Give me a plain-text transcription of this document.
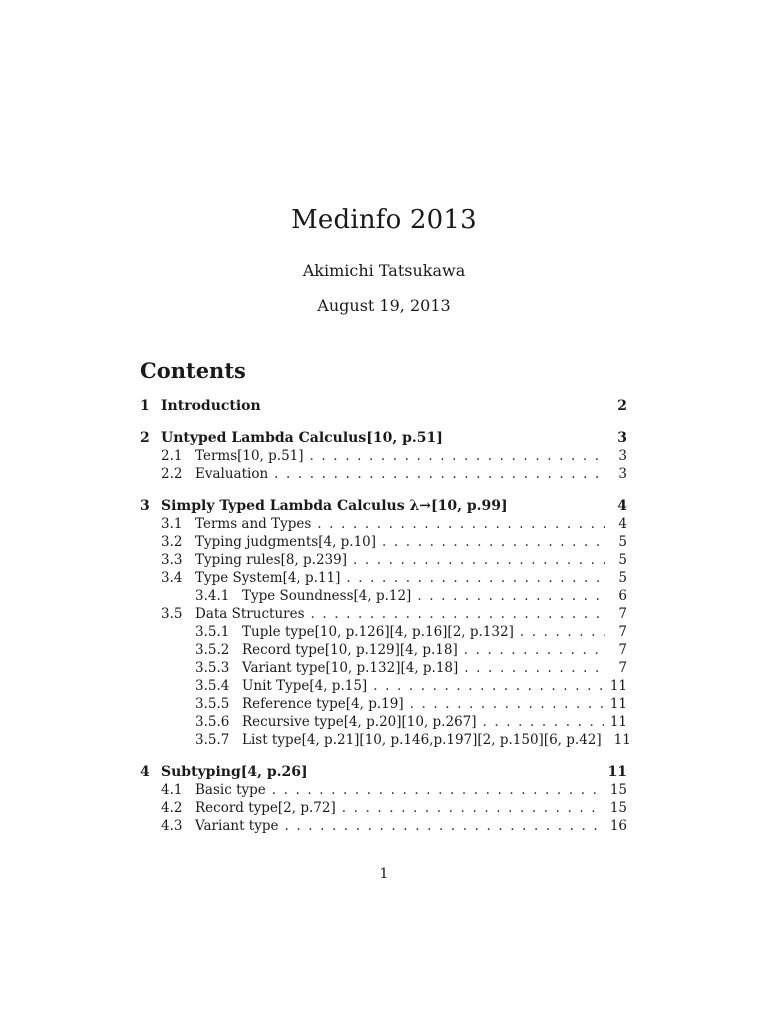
Medinfo 2013
Akimichi Tatsukawa
August 19, 2013
Contents
1 Introduction	2
2 Untyped Lambda Calculus[10, p.51]	3
2.1 Terms[10, p.51] . . .	3
2.2 Evaluation . . .	3
3 Simply Typed Lambda Calculus λ→[10, p.99]	4
3.1 Terms and Types . . .	4
3.2 Typing judgments[4, p.10] . . .	5
3.3 Typing rules[8, p.239] . . .	5
3.4 Type System[4, p.11] . . .	5
3.4.1 Type Soundness[4, p.12] . . .	6
3.5 Data Structures . . .	7
3.5.1 Tuple type[10, p.126][4, p.16][2, p.132] . . .	7
3.5.2 Record type[10, p.129][4, p.18] . . .	7
3.5.3 Variant type[10, p.132][4, p.18] . . .	7
3.5.4 Unit Type[4, p.15] . . .	11
3.5.5 Reference type[4, p.19] . . .	11
3.5.6 Recursive type[4, p.20][10, p.267] . . .	11
3.5.7 List type[4, p.21][10, p.146,p.197][2, p.150][6, p.42] 11
4 Subtyping[4, p.26]	11
4.1 Basic type . . .	15
4.2 Record type[2, p.72] . . .	15
4.3 Variant type . . .	16
1
